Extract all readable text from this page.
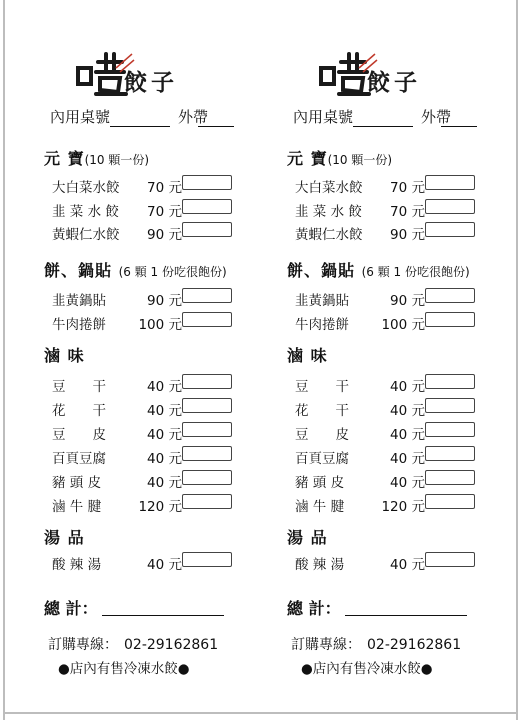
餃子
內用桌號	外帶
元 寶(10 顆一份)
大白菜水餃	70 元
韭 菜 水 餃	70 元
黃蝦仁水餃	90 元
餅、鍋貼 (6 顆 1 份吃很飽份)
韭黃鍋貼	90 元
牛肉捲餅 100 元
滷 味
豆　　干	40 元
花　　干	40 元
豆　　皮	40 元
百頁豆腐	40 元
豬 頭 皮	40 元
滷 牛 腱	120 元
湯 品
酸 辣 湯	40 元
總 計：
訂購專線： 02-29162861
●店內有售冷凍水餃●
餃子
內用桌號	外帶
元 寶(10 顆一份)
大白菜水餃	70 元
韭 菜 水 餃	70 元
黃蝦仁水餃	90 元
餅、鍋貼 (6 顆 1 份吃很飽份)
韭黃鍋貼	90 元
牛肉捲餅 100 元
滷 味
豆　　干	40 元
花　　干	40 元
豆　　皮	40 元
百頁豆腐	40 元
豬 頭 皮	40 元
滷 牛 腱	120 元
湯 品
酸 辣 湯	40 元
總 計：
訂購專線： 02-29162861
●店內有售冷凍水餃●
